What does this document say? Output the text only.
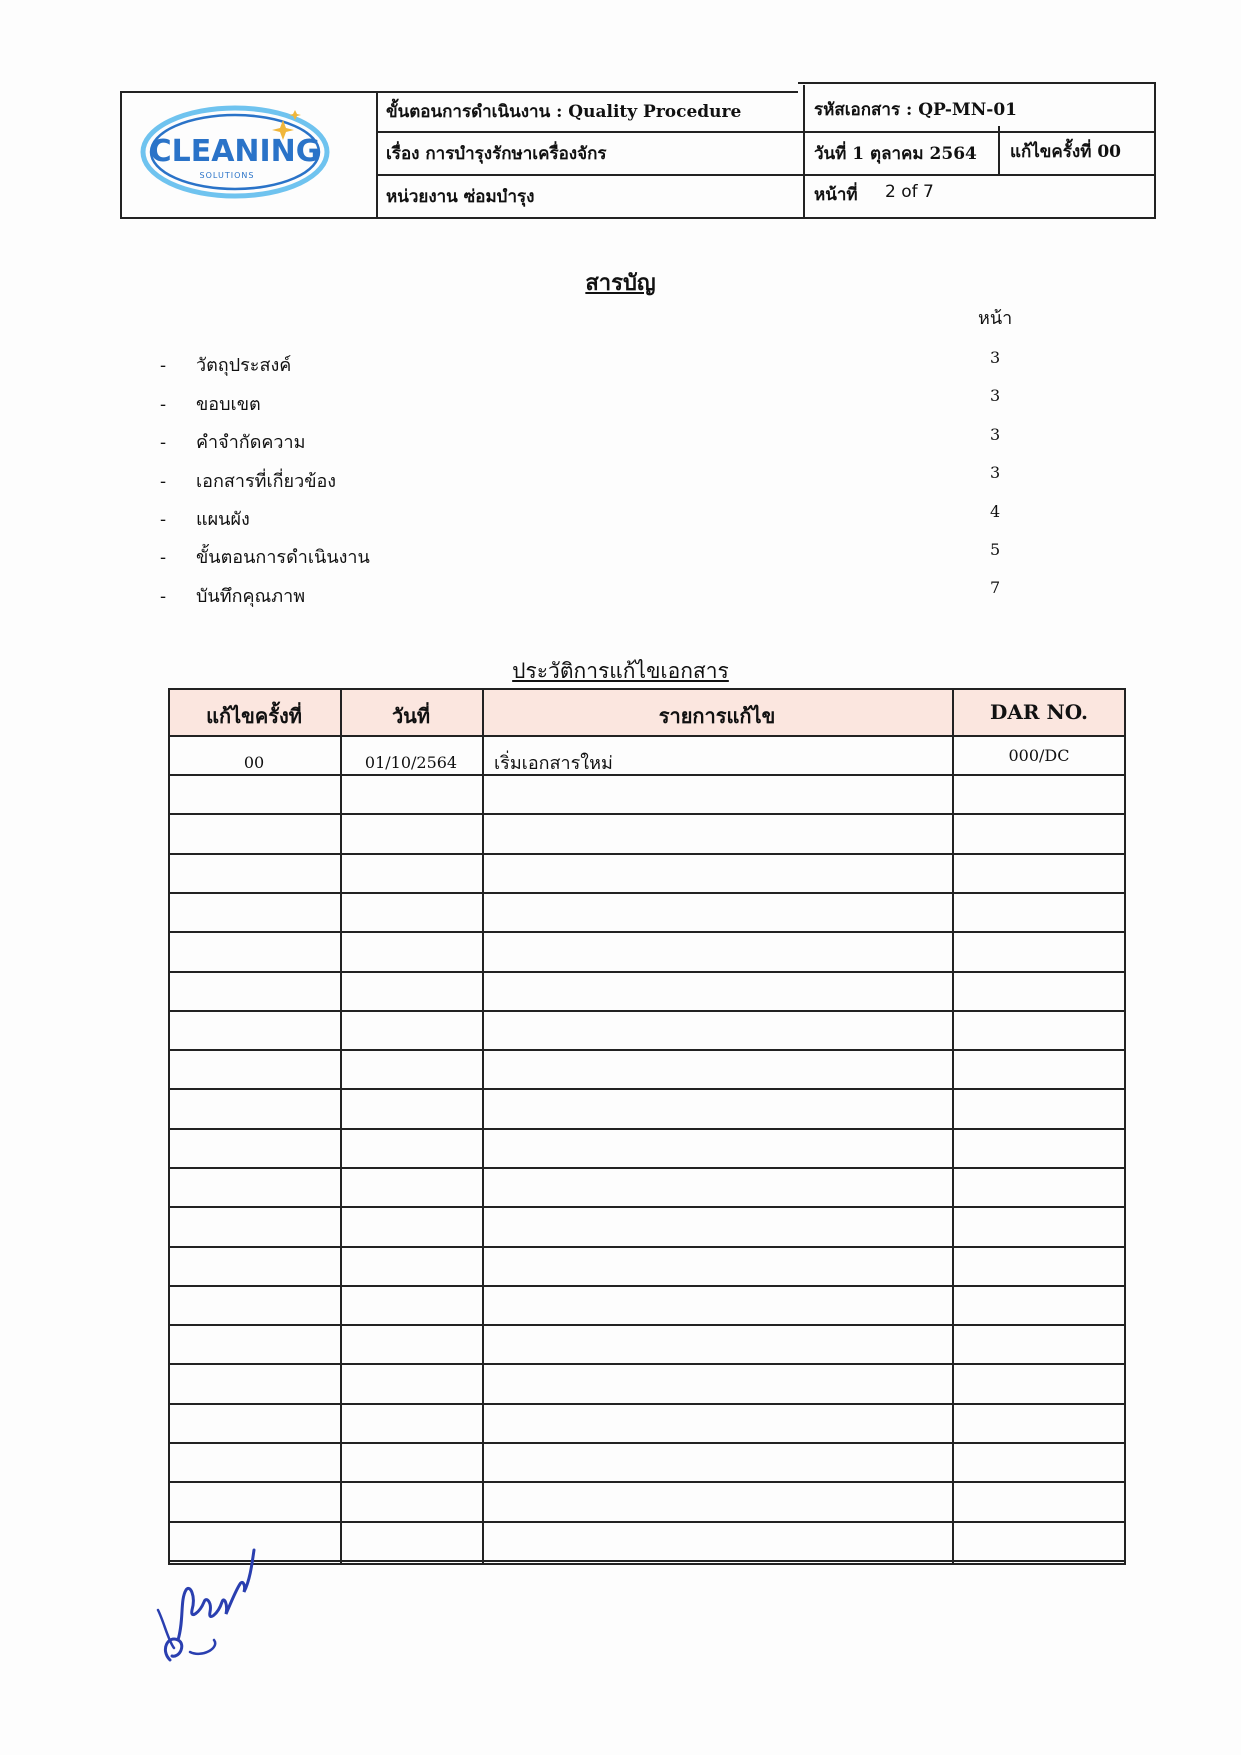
CLEANING
SOLUTIONS
ขั้นตอนการดำเนินงาน : Quality Procedure
เรื่อง การบำรุงรักษาเครื่องจักร
หน่วยงาน ซ่อมบำรุง
รหัสเอกสาร : QP-MN-01
วันที่ 1 ตุลาคม 2564 แก้ไขครั้งที่ 00
หน้าที่ 2 of 7
สารบัญ
หน้า
- วัตถุประสงค์	3
- ขอบเขต	3
- คำจำกัดความ	3
- เอกสารที่เกี่ยวข้อง	3
- แผนผัง	4
- ขั้นตอนการดำเนินงาน	5
- บันทึกคุณภาพ	7
ประวัติการแก้ไขเอกสาร
แก้ไขครั้งที่	วันที่	รายการแก้ไข	DAR NO.
00	01/10/2564	เริ่มเอกสารใหม่	000/DC
